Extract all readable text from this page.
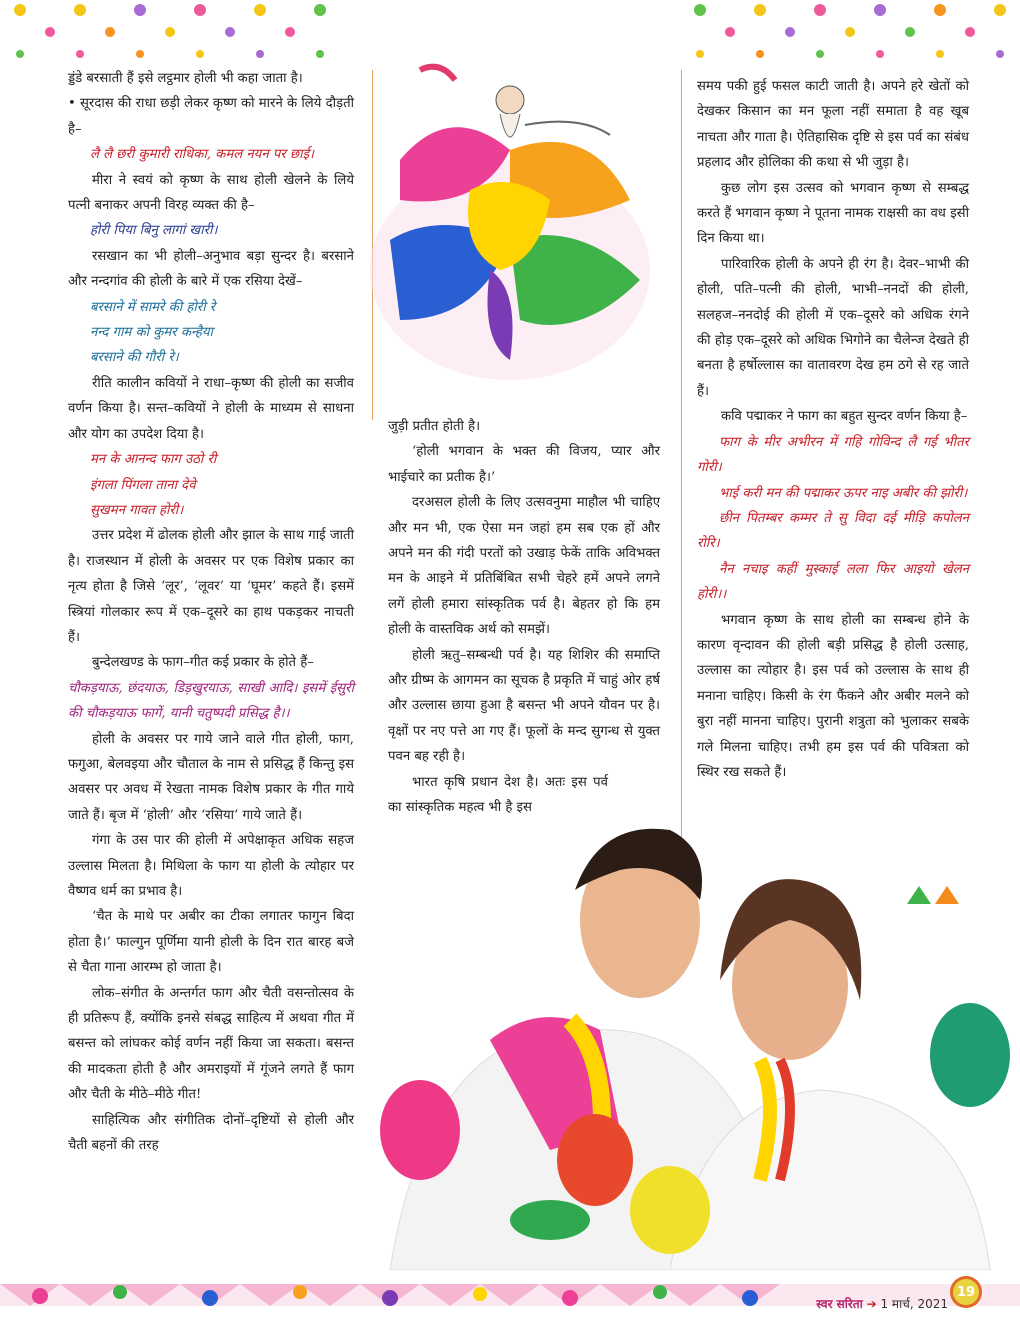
ड्डंडे बरसाती हैं इसे लट्ठमार होली भी कहा जाता है।

• सूरदास की राधा छड़ी लेकर कृष्ण को मारने के लिये दौड़ती है–

लै लै छरी कुमारी राधिका, कमल नयन पर छाई।

मीरा ने स्वयं को कृष्ण के साथ होली खेलने के लिये पत्नी बनाकर अपनी विरह व्यक्त की है–

होरी पिया बिनु लागां खारी।

रसखान का भी होली–अनुभाव बड़ा सुन्दर है। बरसाने और नन्दगांव की होली के बारे में एक रसिया देखें–

बरसाने में सामरे की होरी रे

नन्द गाम को कुमर कन्हैया

बरसाने की गौरी रे।

रीति कालीन कवियों ने राधा–कृष्ण की होली का सजीव वर्णन किया है। सन्त–कवियों ने होली के माध्यम से साधना और योग का उपदेश दिया है।

मन के आनन्द फाग उठो री

इंगला पिंगला ताना देवे

सुखमन गावत होरी।

उत्तर प्रदेश में ढोलक होली और झाल के साथ गाई जाती है। राजस्थान में होली के अवसर पर एक विशेष प्रकार का नृत्य होता है जिसे ‘लूर’, ‘लूवर’ या ‘घूमर’ कहते हैं। इसमें स्त्रियां गोलकार रूप में एक–दूसरे का हाथ पकड़कर नाचती हैं।

बुन्देलखण्ड के फाग–गीत कई प्रकार के होते हैं–

चौकड़याऊ, छंदयाऊ, डिड़खुरयाऊ, साखी आदि। इसमें ईसुरी की चौकड़याऊ फागें, यानी चतुष्पदी प्रसिद्ध है।।

होली के अवसर पर गाये जाने वाले गीत होली, फाग, फगुआ, बेलवइया और चौताल के नाम से प्रसिद्ध हैं किन्तु इस अवसर पर अवध में रेखता नामक विशेष प्रकार के गीत गाये जाते हैं। बृज में ‘होली’ और ‘रसिया’ गाये जाते हैं।

गंगा के उस पार की होली में अपेक्षाकृत अधिक सहज उल्लास मिलता है। मिथिला के फाग या होली के त्योहार पर वैष्णव धर्म का प्रभाव है।

‘चैत के माथे पर अबीर का टीका लगातर फागुन बिदा होता है।’ फाल्गुन पूर्णिमा यानी होली के दिन रात बारह बजे से चैता गाना आरम्भ हो जाता है।

लोक–संगीत के अन्तर्गत फाग और चैती वसन्तोत्सव के ही प्रतिरूप हैं, क्योंकि इनसे संबद्ध साहित्य में अथवा गीत में बसन्त को लांघकर कोई वर्णन नहीं किया जा सकता। बसन्त की मादकता होती है और अमराइयों में गूंजने लगते हैं फाग और चैती के मीठे–मीठे गीत!

साहित्यिक और संगीतिक दोनों–दृष्टियों से होली और चैती बहनों की तरह

जुड़ी प्रतीत होती है।

‘होली भगवान के भक्त की विजय, प्यार और भाईचारे का प्रतीक है।’

दरअसल होली के लिए उत्सवनुमा माहौल भी चाहिए और मन भी, एक ऐसा मन जहां हम सब एक हों और अपने मन की गंदी परतों को उखाड़ फेकें ताकि अविभक्त मन के आइने में प्रतिबिंबित सभी चेहरे हमें अपने लगने लगें होली हमारा सांस्कृतिक पर्व है। बेहतर हो कि हम होली के वास्तविक अर्थ को समझें।

होली ऋतु–सम्बन्धी पर्व है। यह शिशिर की समाप्ति और ग्रीष्म के आगमन का सूचक है प्रकृति में चाहुं ओर हर्ष और उल्लास छाया हुआ है बसन्त भी अपने यौवन पर है। वृक्षों पर नए पत्ते आ गए हैं। फूलों के मन्द सुगन्ध से युक्त पवन बह रही है।

भारत कृषि प्रधान देश है। अतः इस पर्व का सांस्कृतिक महत्व भी है इस

समय पकी हुई फसल काटी जाती है। अपने हरे खेतों को देखकर किसान का मन फूला नहीं समाता है वह खूब नाचता और गाता है। ऐतिहासिक दृष्टि से इस पर्व का संबंध प्रहलाद और होलिका की कथा से भी जुड़ा है।

कुछ लोग इस उत्सव को भगवान कृष्ण से सम्बद्ध करते हैं भगवान कृष्ण ने पूतना नामक राक्षसी का वध इसी दिन किया था।

पारिवारिक होली के अपने ही रंग है। देवर–भाभी की होली, पति–पत्नी की होली, भाभी–ननदों की होली, सलहज–ननदोई की होली में एक–दूसरे को अधिक रंगने की होड़ एक–दूसरे को अधिक भिगोने का चैलेन्ज देखते ही बनता है हर्षोल्लास का वातावरण देख हम ठगे से रह जाते हैं।

कवि पद्माकर ने फाग का बहुत सुन्दर वर्णन किया है–

फाग के मीर अभीरन में गहि गोविन्द लै गई भीतर गोरी।

भाई करी मन की पद्माकर ऊपर नाइ अबीर की झोरी।

छीन पितम्बर कम्मर ते सु विदा दई मीड़ि कपोलन रोरि।

नैन नचाइ कहीं मुस्काई लला फिर आइयो खेलन होरी।।

भगवान कृष्ण के साथ होली का सम्बन्ध होने के कारण वृन्दावन की होली बड़ी प्रसिद्ध है होली उत्साह, उल्लास का त्योहार है। इस पर्व को उल्लास के साथ ही मनाना चाहिए। किसी के रंग फैंकने और अबीर मलने को बुरा नहीं मानना चाहिए। पुरानी शत्रुता को भुलाकर सबके गले मिलना चाहिए। तभी हम इस पर्व की पवित्रता को स्थिर रख सकते हैं।

स्वर सरिता ➔ 1 मार्च, 2021
19
